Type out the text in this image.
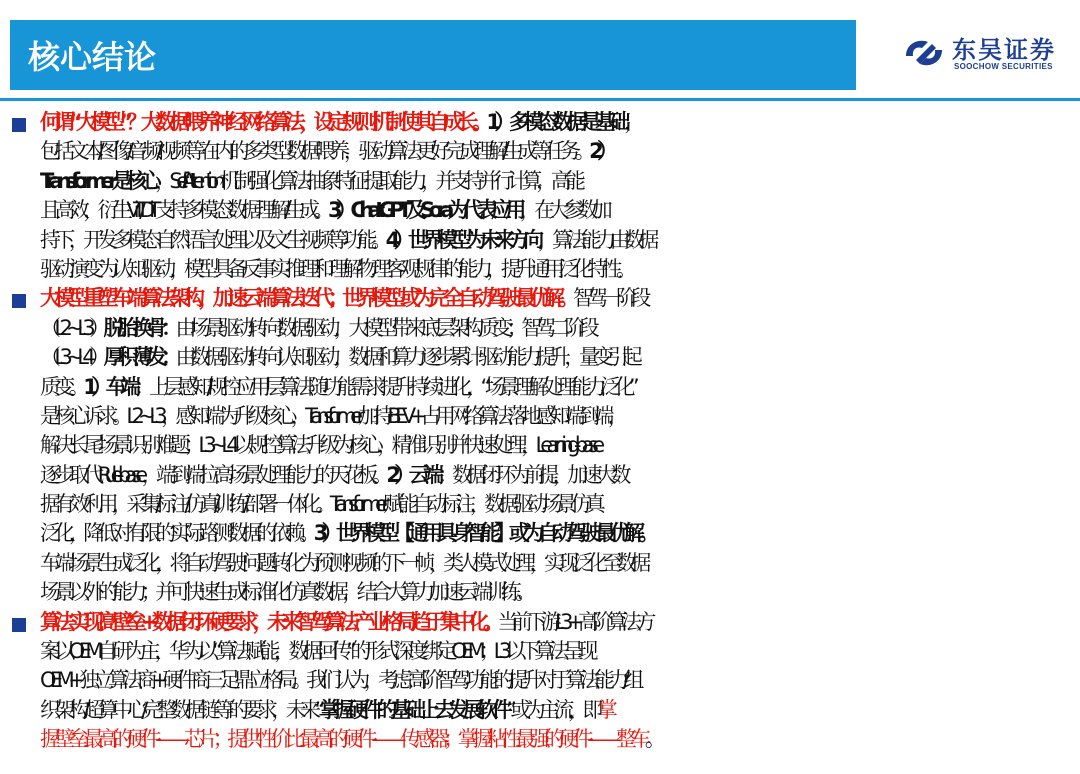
核心结论	东吴证券
SOOCHOW SECURITIES
何谓“大模型”？大数据喂养神经网络算法，设定规则机制使其自成长。1）多模态数据是基础，
包括文本/图像/音频/视频等在内的多类型数据喂养，驱动算法更好完成理解/生成等任务。2）
Transformer是核心，Self-Attention机制强化算法抽象特征提取能力，并支持并行计算，高能
且高效，衍生ViT/DiT支持多模态数据理解/生成。3）ChatGPT及Sora为代表应用，在大参数加
持下，开发多模态自然语言处理以及文生视频等功能。4）世界模型为未来方向，算法能力由数据
驱动演变为认知驱动，模型具备反事实推理和理解物理客观规律的能力，提升通用泛化特性。
大模型重塑车端算法架构，加速云端算法迭代；世界模型或为完全自动驾驶最优解。智驾一阶段
（L2~L3）脱胎换骨：由场景驱动转向数据驱动，大模型带来底层架构质变；智驾二阶段
（L3~L4）厚积薄发：由数据驱动转向认知驱动，数据和算力逐步累计驱动能力提升，量变引起
质变。1）车端：上层感知/规控应用层算法随功能需求提升持续进化，“场景理解处理能力泛化”
是核心诉求。L2~L3，感知端为升级核心，Transformer加持BEV+占用网络算法落地感知端到端，
解决长尾场景识别难题；L3~L4以规控算法升级为核心，精准识别并快速处理，Learning-base
逐步取代Rule-base，端到端拉高场景处理能力的天花板。2）云端：数据闭环为前提，加速大数
据有效利用，采集/标注/仿真/训练/部署一体化。Transformer赋能自动标注，数据驱动场景仿真
泛化，降低对有限的实际路测数据的依赖。3）世界模型【通用具身智能】或为自动驾驶最优解。
车端场景生成泛化，将自动驾驶问题转化为预测视频的下一帧，类人模式处理，实现泛化至数据
场景以外的能力；并可快速生成标准化仿真数据，结合大算力加速云端训练。
算法实现高壁垒+数据闭环硬要求，未来智驾算法产业格局趋于集中化。当前下游L3+高阶算法方
案以OEM自研为主，华为以“算法赋能，数据回传”的形式深度绑定OEM；L3以下算法呈现
OEM+独立算法商+硬件商三足鼎立格局。我们认为，考虑高阶智驾功能的提升对于算法能力/组
织架构/超算中心/完整数据链等的要求，未来“掌握硬件的基础上去发展软件”或为主流，即掌
握壁垒最高的硬件——芯片；提供性价比最高的硬件——传感器；掌握粘性最强的硬件——整车。
